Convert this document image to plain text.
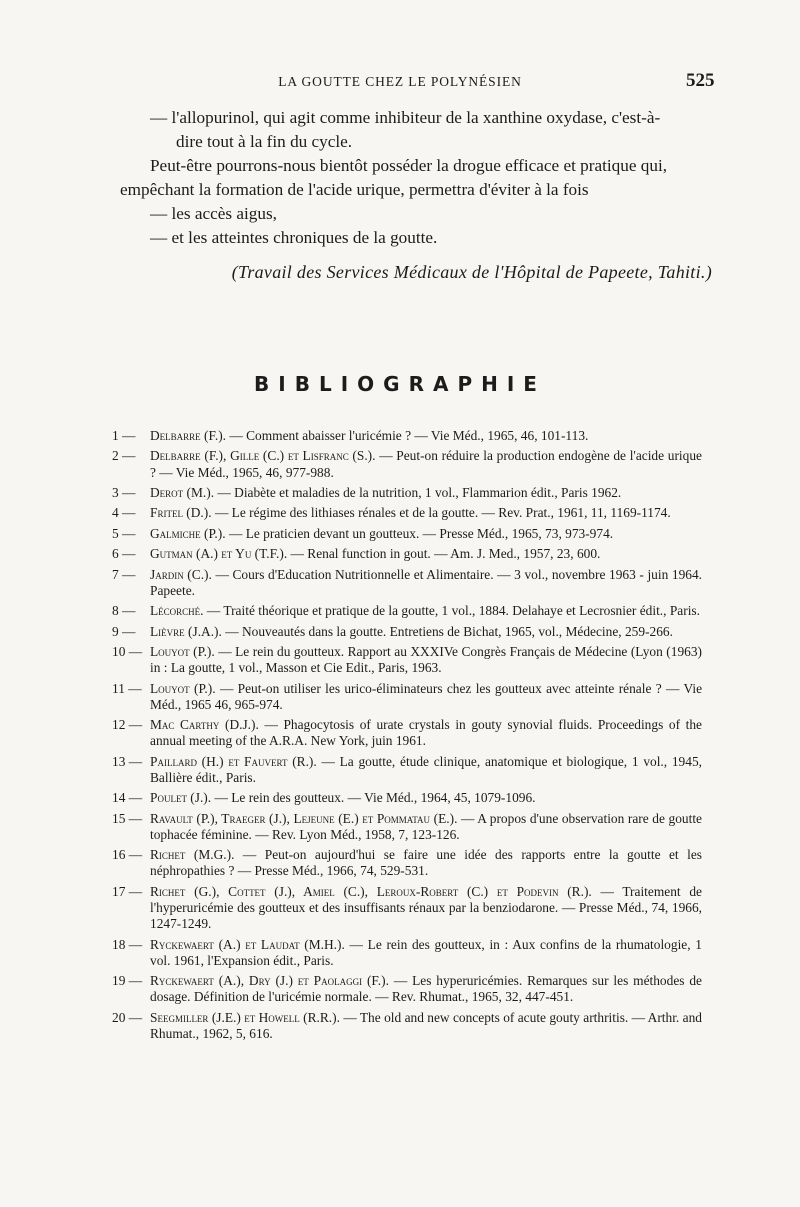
LA GOUTTE CHEZ LE POLYNÉSIEN	525
— l'allopurinol, qui agit comme inhibiteur de la xanthine oxydase, c'est-à-
dire tout à la fin du cycle.
Peut-être pourrons-nous bientôt posséder la drogue efficace et pratique qui,
empêchant la formation de l'acide urique, permettra d'éviter à la fois
— les accès aigus,
— et les atteintes chroniques de la goutte.
(Travail des Services Médicaux de l'Hôpital de Papeete, Tahiti.)
BIBLIOGRAPHIE
1 —	Delbarre (F.). — Comment abaisser l'uricémie ? — Vie Méd., 1965, 46, 101-113.
2 —	Delbarre (F.), Gille (C.) et Lisfranc (S.). — Peut-on réduire la production endogène de l'acide urique ? — Vie Méd., 1965, 46, 977-988.
3 —	Derot (M.). — Diabète et maladies de la nutrition, 1 vol., Flammarion édit., Paris 1962.
4 —	Fritel (D.). — Le régime des lithiases rénales et de la goutte. — Rev. Prat., 1961, 11, 1169-1174.
5 —	Galmiche (P.). — Le praticien devant un goutteux. — Presse Méd., 1965, 73, 973-974.
6 —	Gutman (A.) et Yu (T.F.). — Renal function in gout. — Am. J. Med., 1957, 23, 600.
7 —	Jardin (C.). — Cours d'Education Nutritionnelle et Alimentaire. — 3 vol., novembre 1963 - juin 1964. Papeete.
8 —	Lécorché. — Traité théorique et pratique de la goutte, 1 vol., 1884. Delahaye et Lecrosnier édit., Paris.
9 —	Lièvre (J.A.). — Nouveautés dans la goutte. Entretiens de Bichat, 1965, vol., Médecine, 259-266.
10 — Louyot (P.). — Le rein du goutteux. Rapport au XXXIVe Congrès Français de Médecine (Lyon (1963) in : La goutte, 1 vol., Masson et Cie Edit., Paris, 1963.
11 — Louyot (P.). — Peut-on utiliser les urico-éliminateurs chez les goutteux avec atteinte rénale ? — Vie Méd., 1965 46, 965-974.
12 — Mac Carthy (D.J.). — Phagocytosis of urate crystals in gouty synovial fluids. Proceedings of the annual meeting of the A.R.A. New York, juin 1961.
13 — Paillard (H.) et Fauvert (R.). — La goutte, étude clinique, anatomique et biologique, 1 vol., 1945, Ballière édit., Paris.
14 — Poulet (J.). — Le rein des goutteux. — Vie Méd., 1964, 45, 1079-1096.
15 — Ravault (P.), Traeger (J.), Lejeune (E.) et Pommatau (E.). — A propos d'une observation rare de goutte tophacée féminine. — Rev. Lyon Méd., 1958, 7, 123-126.
16 — Richet (M.G.). — Peut-on aujourd'hui se faire une idée des rapports entre la goutte et les néphropathies ? — Presse Méd., 1966, 74, 529-531.
17 — Richet (G.), Cottet (J.), Amiel (C.), Leroux-Robert (C.) et Podevin (R.). — Traitement de l'hyperuricémie des goutteux et des insuffisants rénaux par la benziodarone. — Presse Méd., 74, 1966, 1247-1249.
18 — Ryckewaert (A.) et Laudat (M.H.). — Le rein des goutteux, in : Aux confins de la rhumatologie, 1 vol. 1961, l'Expansion édit., Paris.
19 — Ryckewaert (A.), Dry (J.) et Paolaggi (F.). — Les hyperuricémies. Remarques sur les méthodes de dosage. Définition de l'uricémie normale. — Rev. Rhumat., 1965, 32, 447-451.
20 — Seegmiller (J.E.) et Howell (R.R.). — The old and new concepts of acute gouty arthritis. — Arthr. and Rhumat., 1962, 5, 616.
